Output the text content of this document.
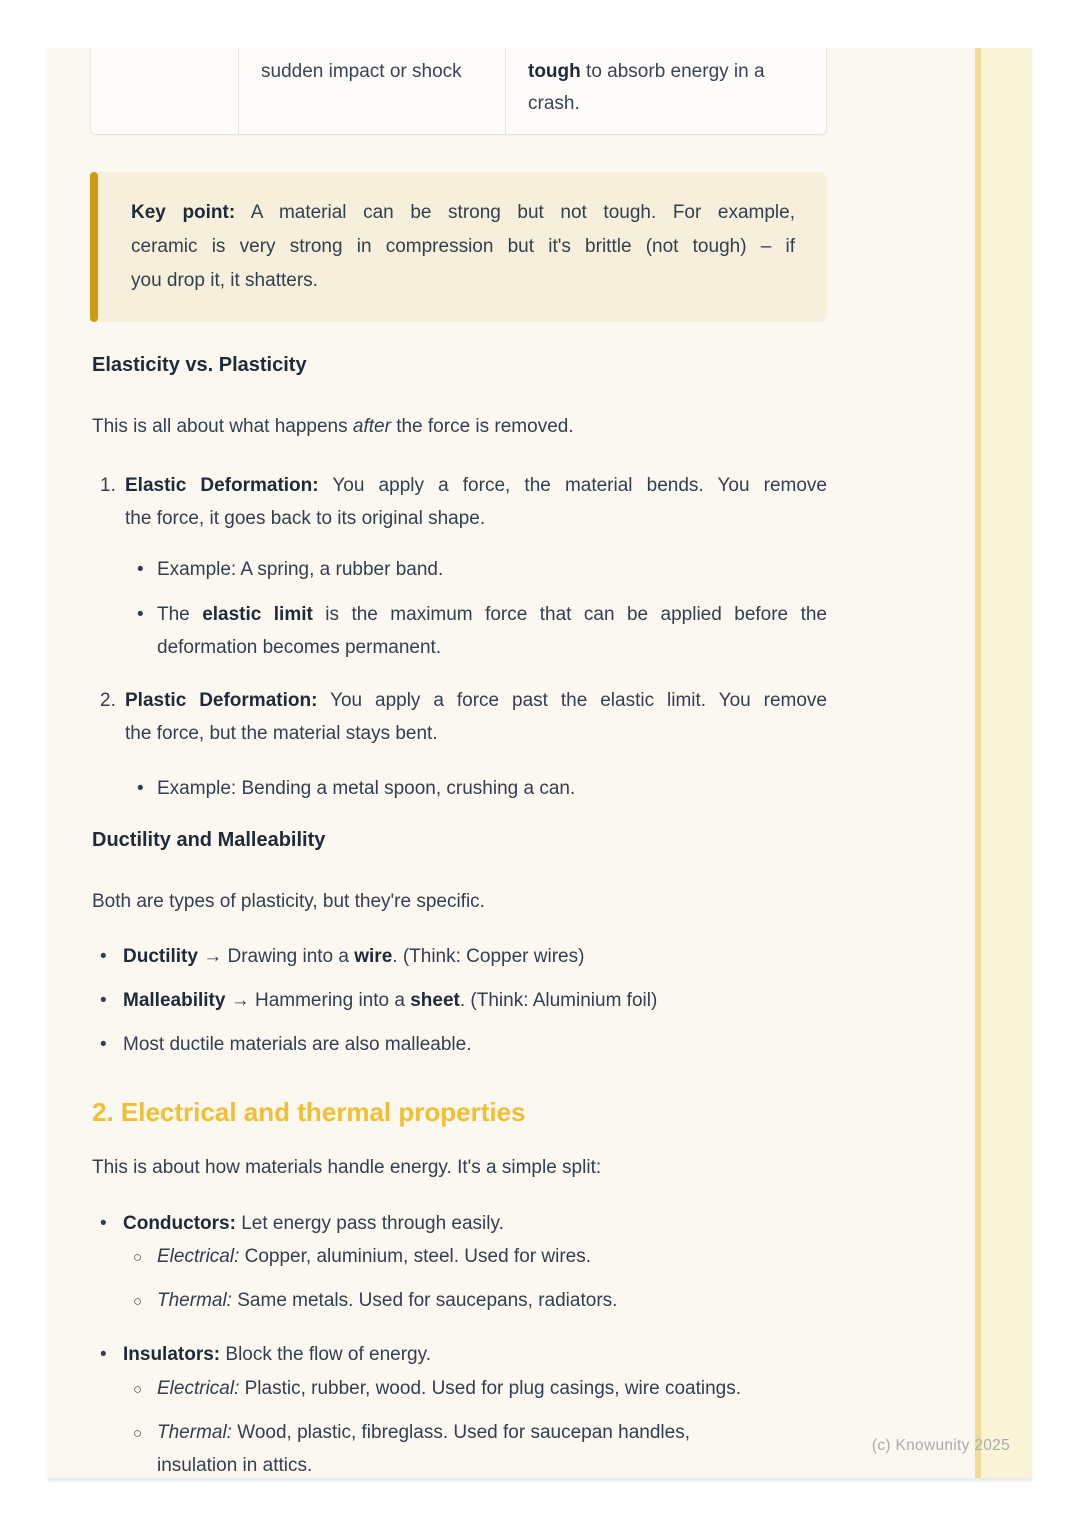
sudden impact or shock	tough to absorb energy in a
crash.
Key point: A material can be strong but not tough. For example,
ceramic is very strong in compression but it's brittle (not tough) – if
you drop it, it shatters.
Elasticity vs. Plasticity

This is all about what happens after the force is removed.

1. Elastic Deformation: You apply a force, the material bends. You remove
the force, it goes back to its original shape.
• Example: A spring, a rubber band.
• The elastic limit is the maximum force that can be applied before the
deformation becomes permanent.
2. Plastic Deformation: You apply a force past the elastic limit. You remove
the force, but the material stays bent.
• Example: Bending a metal spoon, crushing a can.
Ductility and Malleability

Both are types of plasticity, but they're specific.

• Ductility → Drawing into a wire. (Think: Copper wires)
• Malleability → Hammering into a sheet. (Think: Aluminium foil)
• Most ductile materials are also malleable.
2. Electrical and thermal properties

This is about how materials handle energy. It's a simple split:

• Conductors: Let energy pass through easily.
○ Electrical: Copper, aluminium, steel. Used for wires.
○ Thermal: Same metals. Used for saucepans, radiators.
• Insulators: Block the flow of energy.
○ Electrical: Plastic, rubber, wood. Used for plug casings, wire coatings.
○ Thermal: Wood, plastic, fibreglass. Used for saucepan handles,
insulation in attics.
(c) Knowunity 2025
